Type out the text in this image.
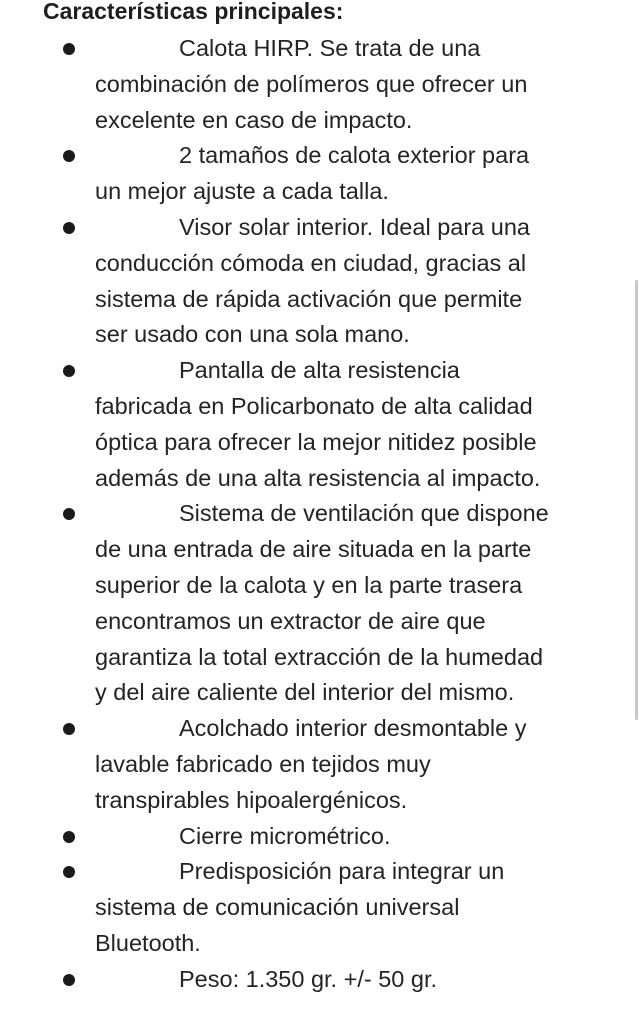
Características principales:
Calota HIRP. Se trata de una
combinación de polímeros que ofrecer un
excelente en caso de impacto.
2 tamaños de calota exterior para
un mejor ajuste a cada talla.
Visor solar interior. Ideal para una
conducción cómoda en ciudad, gracias al
sistema de rápida activación que permite
ser usado con una sola mano.
Pantalla de alta resistencia
fabricada en Policarbonato de alta calidad
óptica para ofrecer la mejor nitidez posible
además de una alta resistencia al impacto.
Sistema de ventilación que dispone
de una entrada de aire situada en la parte
superior de la calota y en la parte trasera
encontramos un extractor de aire que
garantiza la total extracción de la humedad
y del aire caliente del interior del mismo.
Acolchado interior desmontable y
lavable fabricado en tejidos muy
transpirables hipoalergénicos.
Cierre micrométrico.
Predisposición para integrar un
sistema de comunicación universal
Bluetooth.
Peso: 1.350 gr. +/- 50 gr.
